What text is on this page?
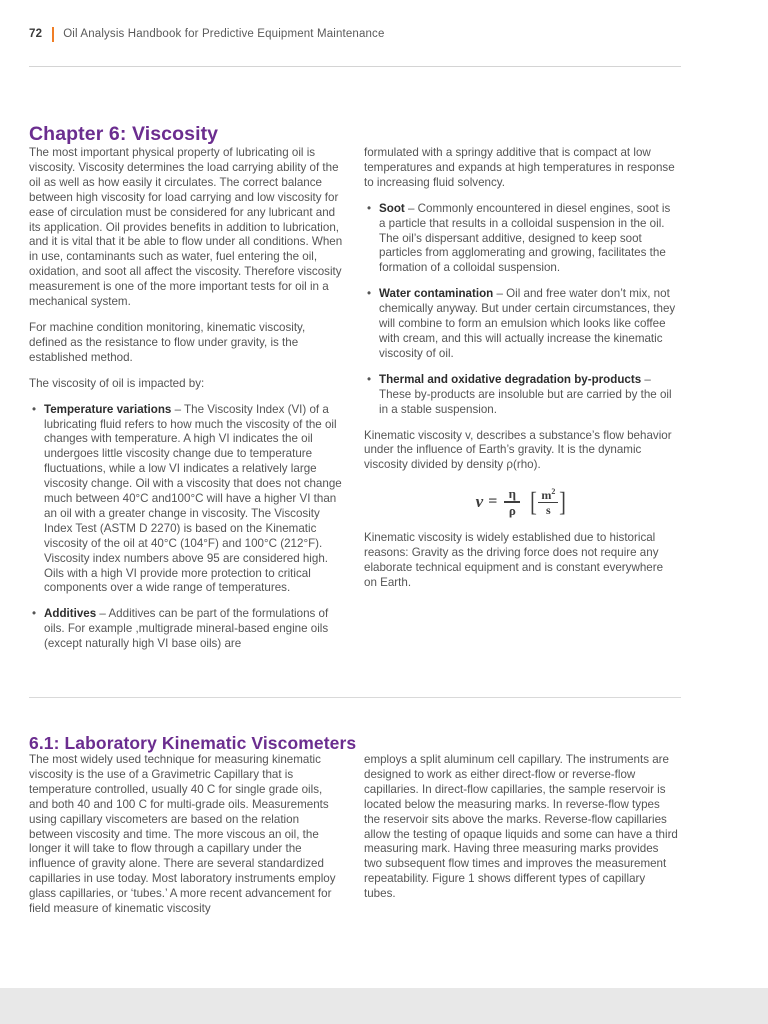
72 Oil Analysis Handbook for Predictive Equipment Maintenance
Chapter 6: Viscosity

The most important physical property of lubricating oil is viscosity. Viscosity determines the load carrying ability of the oil as well as how easily it circulates. The correct balance between high viscosity for load carrying and low viscosity for ease of circulation must be considered for any lubricant and its application. Oil provides benefits in addition to lubrication, and it is vital that it be able to flow under all conditions. When in use, contaminants such as water, fuel entering the oil, oxidation, and soot all affect the viscosity. Therefore viscosity measurement is one of the more important tests for oil in a mechanical system.

For machine condition monitoring, kinematic viscosity, defined as the resistance to flow under gravity, is the established method.

The viscosity of oil is impacted by:

• Temperature variations – The Viscosity Index (VI) of a lubricating fluid refers to how much the viscosity of the oil changes with temperature. A high VI indicates the oil undergoes little viscosity change due to temperature fluctuations, while a low VI indicates a relatively large viscosity change. Oil with a viscosity that does not change much between 40°C and100°C will have a higher VI than an oil with a greater change in viscosity. The Viscosity Index Test (ASTM D 2270) is based on the Kinematic viscosity of the oil at 40°C (104°F) and 100°C (212°F). Viscosity index numbers above 95 are considered high. Oils with a high VI provide more protection to critical components over a wide range of temperatures.
• Additives – Additives can be part of the formulations of oils. For example ,multigrade mineral-based engine oils (except naturally high VI base oils) are

formulated with a springy additive that is compact at low temperatures and expands at high temperatures in response to increasing fluid solvency.

• Soot – Commonly encountered in diesel engines, soot is a particle that results in a colloidal suspension in the oil. The oil’s dispersant additive, designed to keep soot particles from agglomerating and growing, facilitates the formation of a colloidal suspension.
• Water contamination – Oil and free water don’t mix, not chemically anyway. But under certain circumstances, they will combine to form an emulsion which looks like coffee with cream, and this will actually increase the kinematic viscosity of oil.
• Thermal and oxidative degradation by-products – These by-products are insoluble but are carried by the oil in a stable suspension.

Kinematic viscosity v, describes a substance’s flow behavior under the influence of Earth’s gravity. It is the dynamic viscosity divided by density ρ(rho).

$\nu = \frac{\eta}{\rho}$ [ $\frac{m^2}{s}$ ]

Kinematic viscosity is widely established due to historical reasons: Gravity as the driving force does not require any elaborate technical equipment and is constant everywhere on Earth.

6.1: Laboratory Kinematic Viscometers

The most widely used technique for measuring kinematic viscosity is the use of a Gravimetric Capillary that is temperature controlled, usually 40 C for single grade oils, and both 40 and 100 C for multi-grade oils. Measurements using capillary viscometers are based on the relation between viscosity and time. The more viscous an oil, the longer it will take to flow through a capillary under the influence of gravity alone. There are several standardized capillaries in use today. Most laboratory instruments employ glass capillaries, or ‘tubes.’ A more recent advancement for field measure of kinematic viscosity

employs a split aluminum cell capillary. The instruments are designed to work as either direct-flow or reverse-flow capillaries. In direct-flow capillaries, the sample reservoir is located below the measuring marks. In reverse-flow types the reservoir sits above the marks. Reverse-flow capillaries allow the testing of opaque liquids and some can have a third measuring mark. Having three measuring marks provides two subsequent flow times and improves the measurement repeatability. Figure 1 shows different types of capillary tubes.
